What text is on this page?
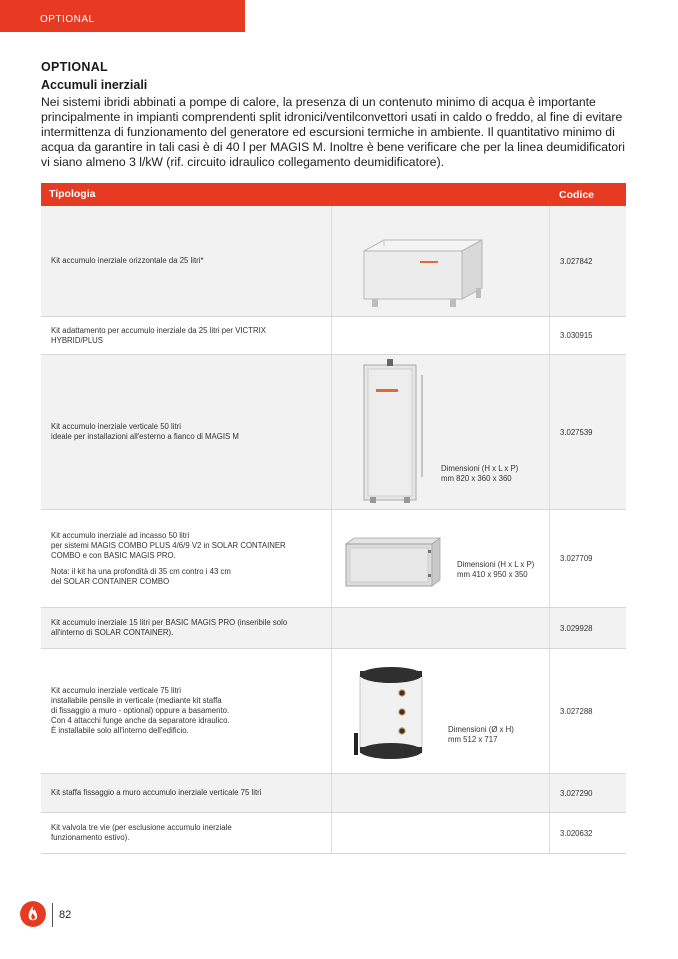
OPTIONAL
OPTIONAL
Accumuli inerziali
Nei sistemi ibridi abbinati a pompe di calore, la presenza di un contenuto minimo di acqua è importante principalmente in impianti comprendenti split idronici/ventilconvettori usati in caldo o freddo, al fine di evitare intermittenza di funzionamento del generatore ed escursioni termiche in ambiente. Il quantitativo minimo di acqua da garantire in tali casi è di 40 l per MAGIS M. Inoltre è bene verificare che per la linea deumidificatori vi siano almeno 3 l/kW (rif. circuito idraulico collegamento deumidificatore).
Tipologia	Codice
Kit accumulo inerziale orizzontale da 25 litri*	3.027842
Kit adattamento per accumulo inerziale da 25 litri per VICTRIX
HYBRID/PLUS	3.030915
Kit accumulo inerziale verticale 50 litri
ideale per installazioni all'esterno a fianco di MAGIS M
Dimensioni (H x L x P)
mm 820 x 360 x 360
3.027539
Kit accumulo inerziale ad incasso 50 litri
per sistemi MAGIS COMBO PLUS 4/6/9 V2 in SOLAR CONTAINER
COMBO e con BASIC MAGIS PRO.
Nota: il kit ha una profondità di 35 cm contro i 43 cm
del SOLAR CONTAINER COMBO
Dimensioni (H x L x P)
mm 410 x 950 x 350
3.027709
Kit accumulo inerziale 15 litri per BASIC MAGIS PRO (inseribile solo
all'interno di SOLAR CONTAINER).	3.029928
Kit accumulo inerziale verticale 75 litri
installabile pensile in verticale (mediante kit staffa
di fissaggio a muro - optional) oppure a basamento.
Con 4 attacchi funge anche da separatore idraulico.
È installabile solo all'interno dell'edificio.	Dimensioni (Ø x H)
mm 512 x 717
3.027288
Kit staffa fissaggio a muro accumulo inerziale verticale 75 litri	3.027290
Kit valvola tre vie (per esclusione accumulo inerziale
funzionamento estivo).	3.020632
82
